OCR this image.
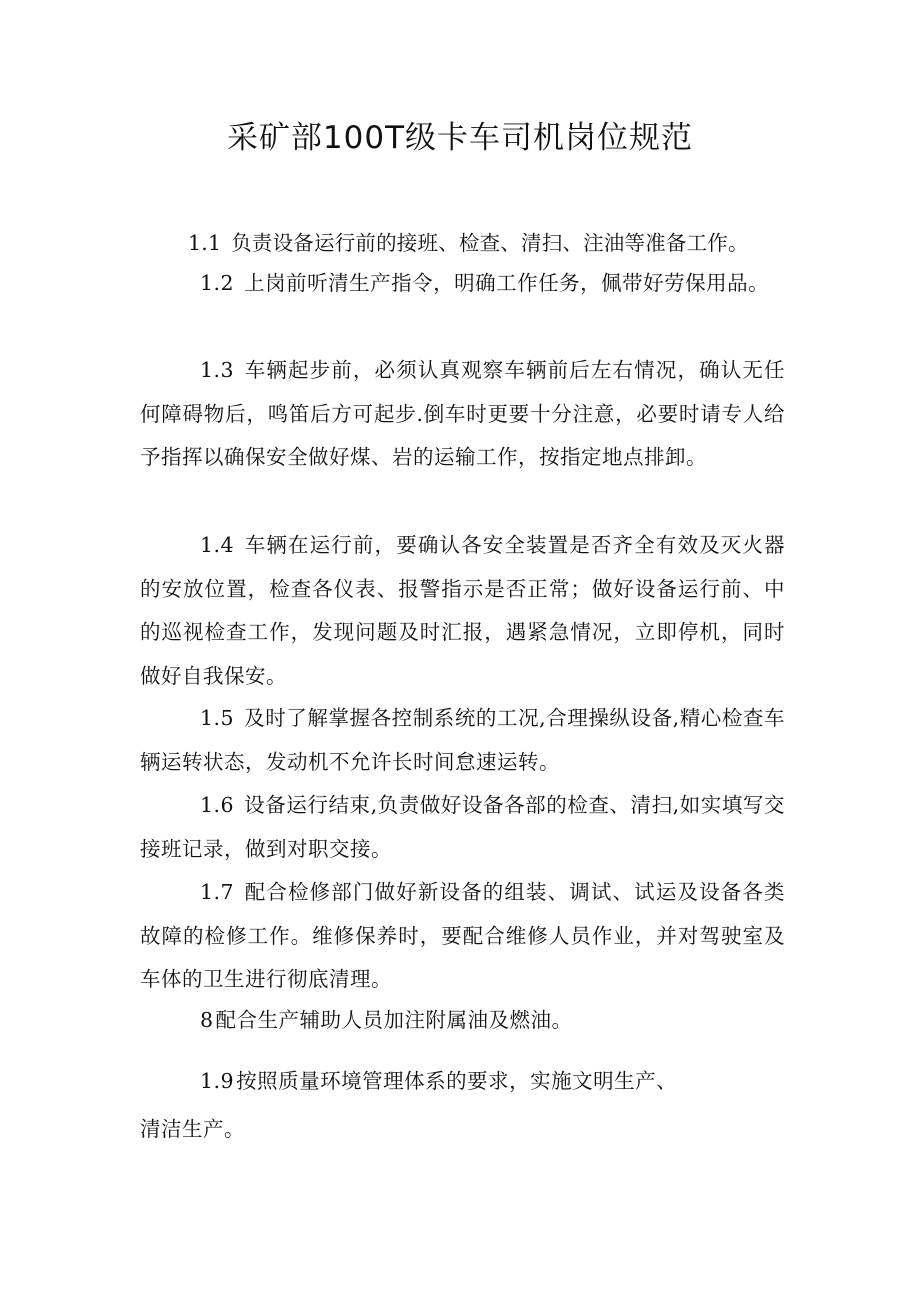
采矿部100T级卡车司机岗位规范

1.1 负责设备运行前的接班、检查、清扫、注油等准备工作。

1.2 上岗前听清生产指令，明确工作任务，佩带好劳保用品。

1.3 车辆起步前，必须认真观察车辆前后左右情况，确认无任何障碍物后，鸣笛后方可起步.倒车时更要十分注意，必要时请专人给予指挥以确保安全做好煤、岩的运输工作，按指定地点排卸。

1.4 车辆在运行前，要确认各安全装置是否齐全有效及灭火器的安放位置，检查各仪表、报警指示是否正常；做好设备运行前、中的巡视检查工作，发现问题及时汇报，遇紧急情况，立即停机，同时做好自我保安。

1.5 及时了解掌握各控制系统的工况,合理操纵设备,精心检查车辆运转状态，发动机不允许长时间怠速运转。

1.6 设备运行结束,负责做好设备各部的检查、清扫,如实填写交接班记录，做到对职交接。

1.7 配合检修部门做好新设备的组装、调试、试运及设备各类故障的检修工作。维修保养时，要配合维修人员作业，并对驾驶室及车体的卫生进行彻底清理。

8配合生产辅助人员加注附属油及燃油。

1.9按照质量环境管理体系的要求，实施文明生产、

清洁生产。
